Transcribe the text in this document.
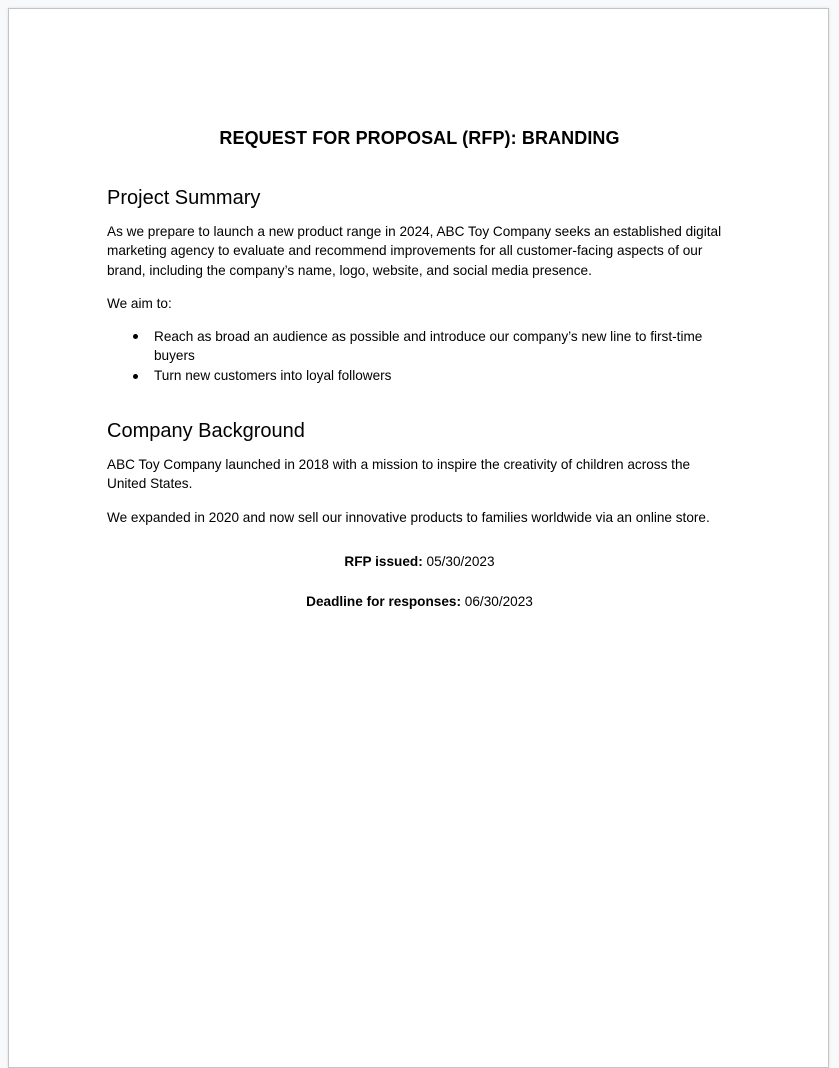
REQUEST FOR PROPOSAL (RFP): BRANDING
Project Summary

As we prepare to launch a new product range in 2024, ABC Toy Company seeks an established digital marketing agency to evaluate and recommend improvements for all customer-facing aspects of our brand, including the company’s name, logo, website, and social media presence.

We aim to:

Reach as broad an audience as possible and introduce our company’s new line to first-time buyers
Turn new customers into loyal followers
Company Background

ABC Toy Company launched in 2018 with a mission to inspire the creativity of children across the United States.

We expanded in 2020 and now sell our innovative products to families worldwide via an online store.

RFP issued: 05/30/2023

Deadline for responses: 06/30/2023
